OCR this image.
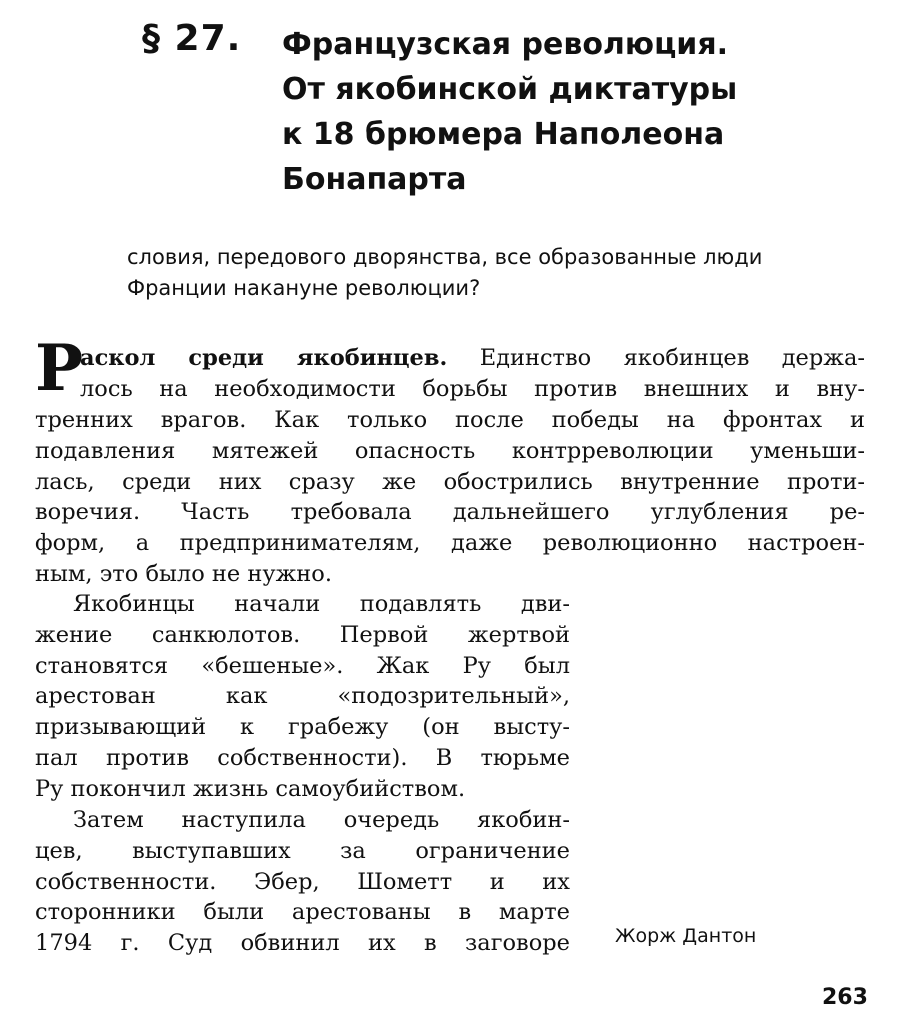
§ 27. Французская революция.
От якобинской диктатуры
к 18 брюмера Наполеона
Бонапарта
словия, передового дворянства, все образованные люди
Франции накануне революции?
Р
аскол среди якобинцев. Единство якобинцев держа-
лось на необходимости борьбы против внешних и вну-
тренних врагов. Как только после победы на фронтах и
подавления мятежей опасность контрреволюции уменьши-
лась, среди них сразу же обострились внутренние проти-
воречия. Часть требовала дальнейшего углубления ре-
форм, а предпринимателям, даже революционно настроен-
ным, это было не нужно.
Якобинцы начали подавлять дви-
жение санкюлотов. Первой жертвой
становятся «бешеные». Жак Ру был
арестован как «подозрительный»,
призывающий к грабежу (он высту-
пал против собственности). В тюрьме
Ру покончил жизнь самоубийством.
Затем наступила очередь якобин-
цев, выступавших за ограничение
собственности. Эбер, Шометт и их
сторонники были арестованы в марте
1794 г. Суд обвинил их в заговоре Жорж Дантон
263
